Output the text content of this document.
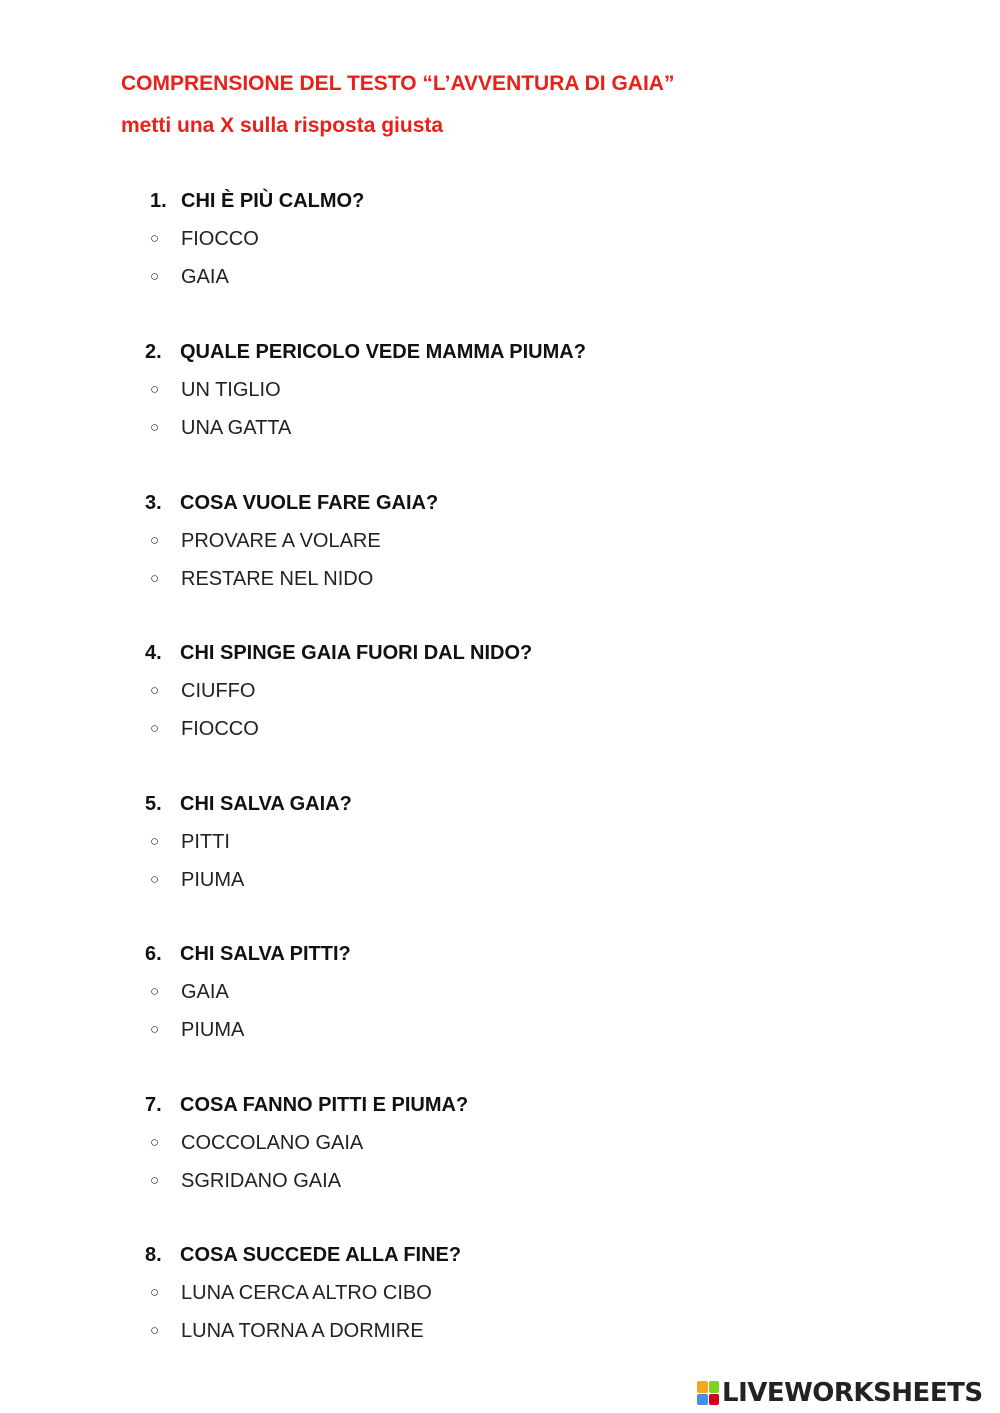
COMPRENSIONE DEL TESTO “L’AVVENTURA DI GAIA”
metti una X sulla risposta giusta
1. CHI È PIÙ CALMO?
○ FIOCCO
○ GAIA
2. QUALE PERICOLO VEDE MAMMA PIUMA?
○ UN TIGLIO
○ UNA GATTA
3. COSA VUOLE FARE GAIA?
○ PROVARE A VOLARE
○ RESTARE NEL NIDO
4. CHI SPINGE GAIA FUORI DAL NIDO?
○ CIUFFO
○ FIOCCO
5. CHI SALVA GAIA?
○ PITTI
○ PIUMA
6. CHI SALVA PITTI?
○ GAIA
○ PIUMA
7. COSA FANNO PITTI E PIUMA?
○ COCCOLANO GAIA
○ SGRIDANO GAIA
8. COSA SUCCEDE ALLA FINE?
○ LUNA CERCA ALTRO CIBO
○ LUNA TORNA A DORMIRE
LIVEWORKSHEETS
